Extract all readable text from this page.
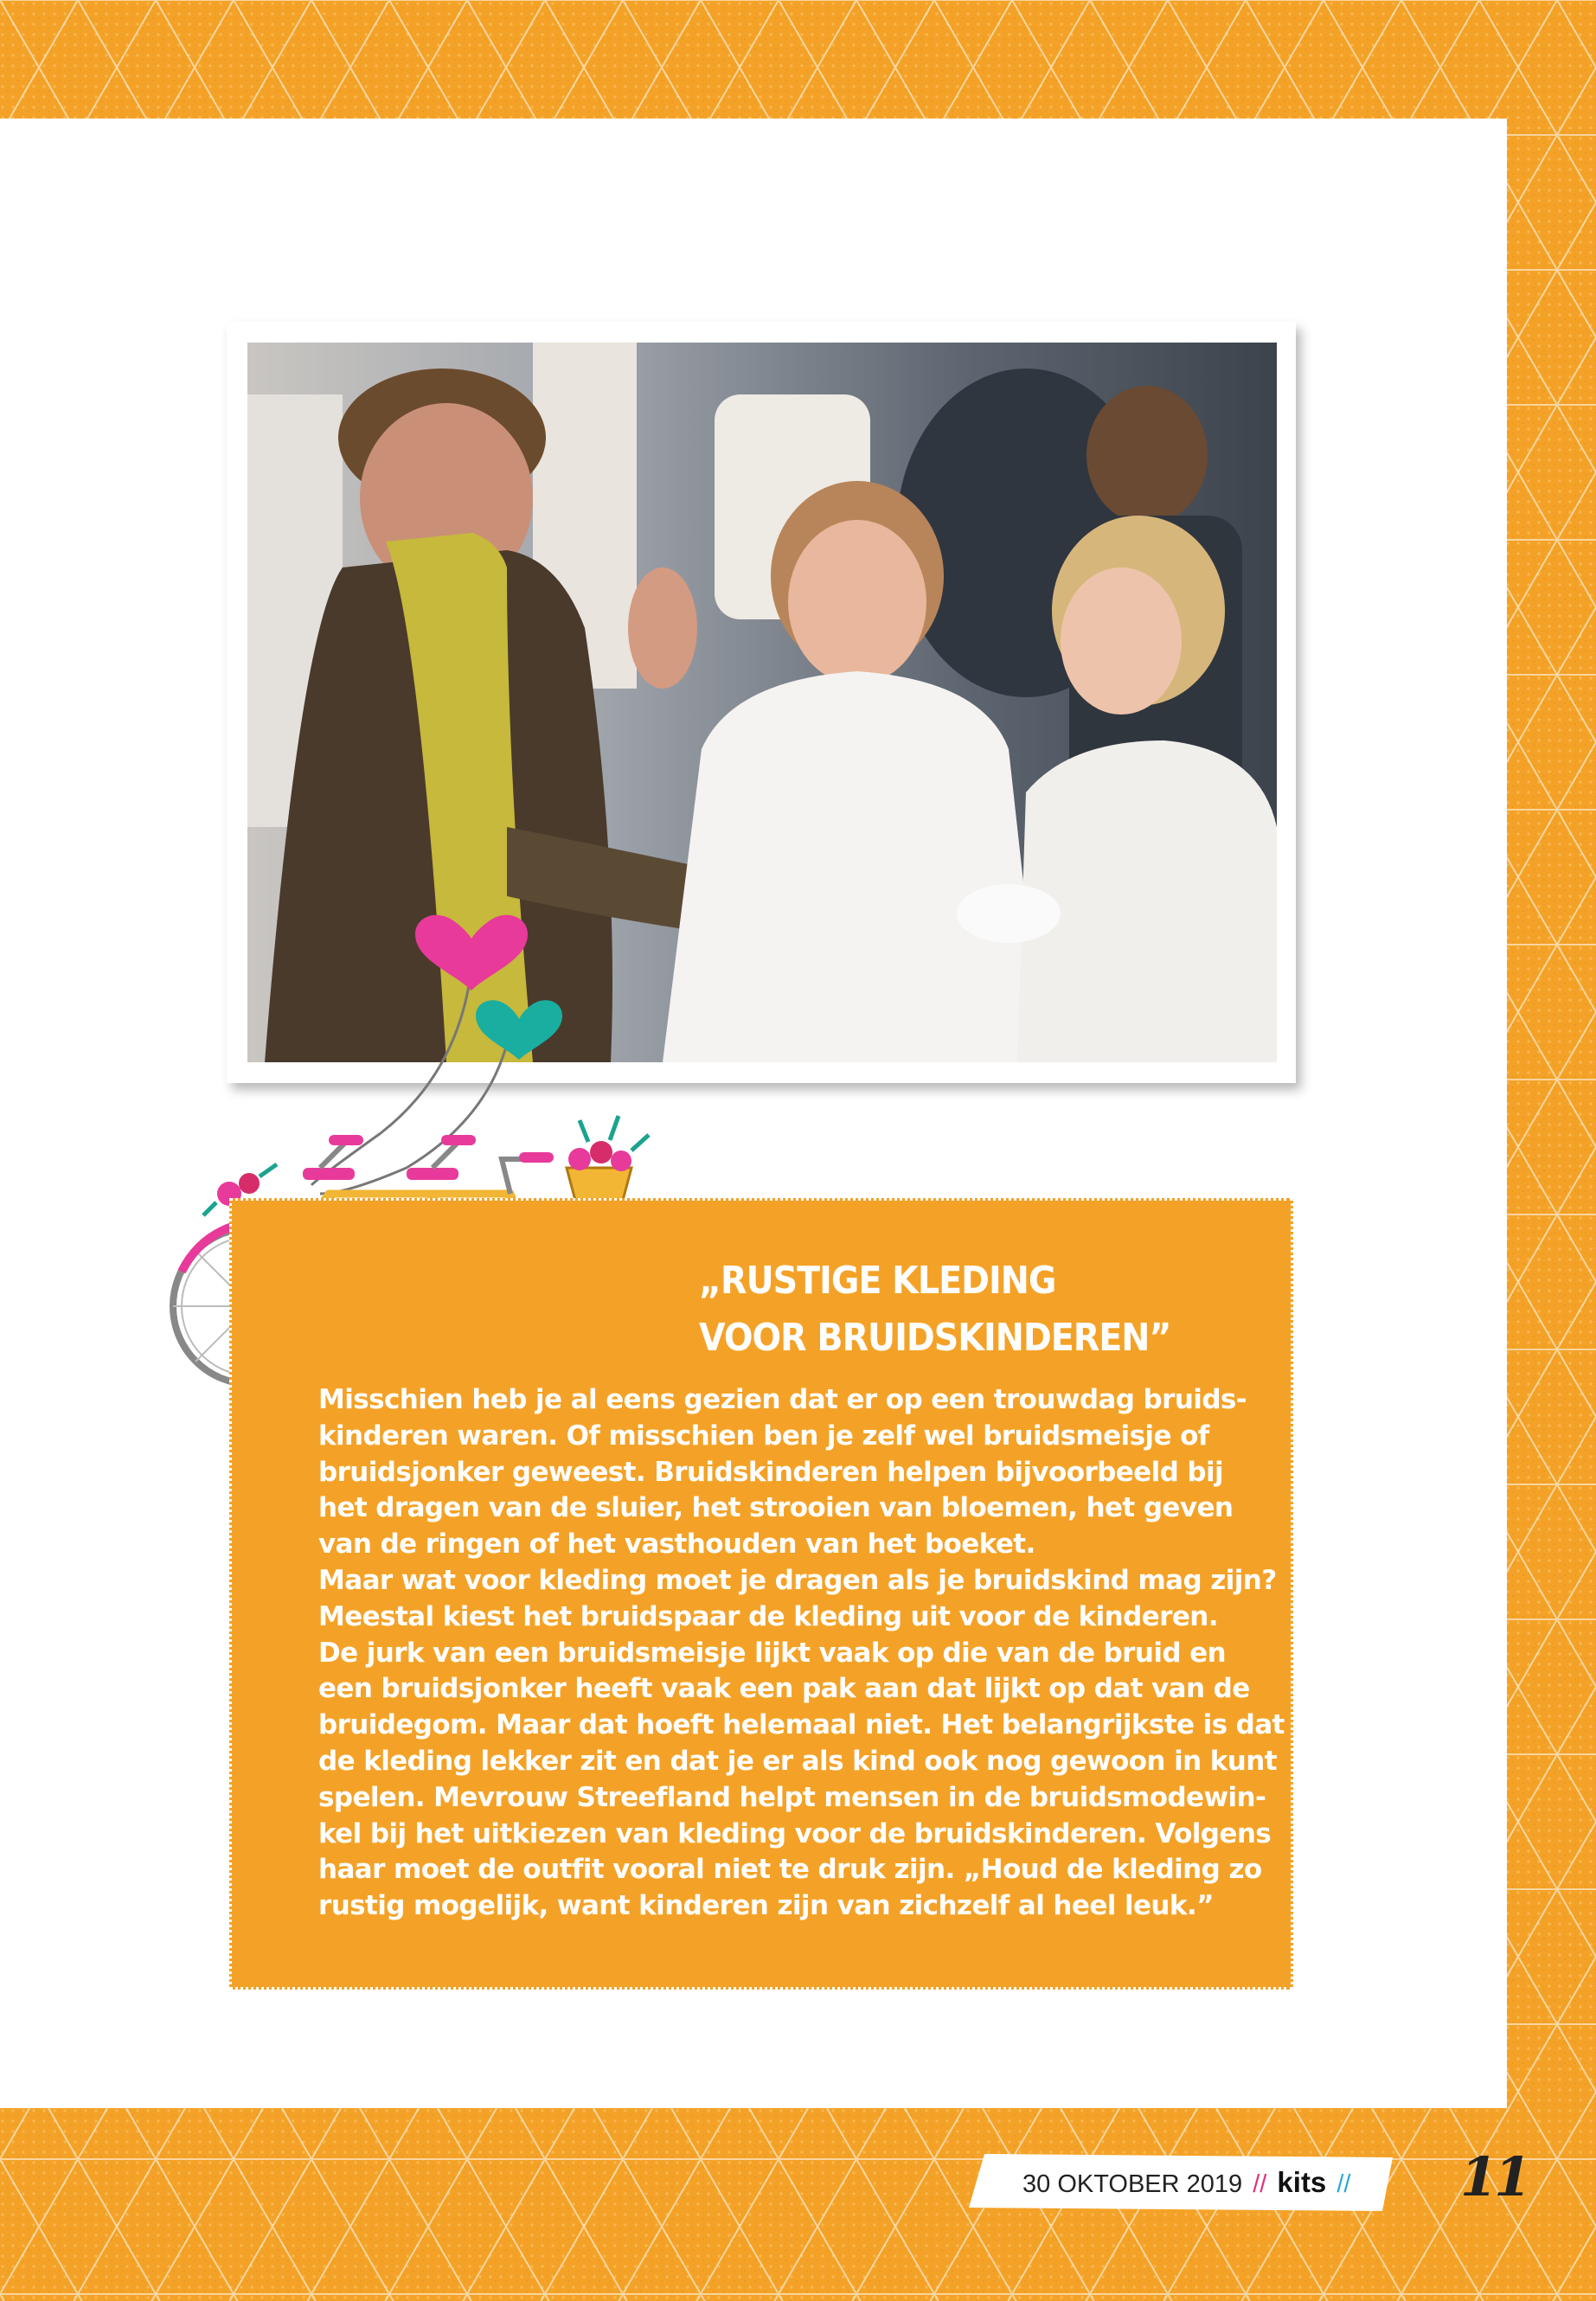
„RUSTIGE KLEDING
VOOR BRUIDSKINDEREN”
Misschien heb je al eens gezien dat er op een trouwdag bruids-
kinderen waren. Of misschien ben je zelf wel bruidsmeisje of
bruidsjonker geweest. Bruidskinderen helpen bijvoorbeeld bij
het dragen van de sluier, het strooien van bloemen, het geven
van de ringen of het vasthouden van het boeket.
Maar wat voor kleding moet je dragen als je bruidskind mag zijn?
Meestal kiest het bruidspaar de kleding uit voor de kinderen.
De jurk van een bruidsmeisje lijkt vaak op die van de bruid en
een bruidsjonker heeft vaak een pak aan dat lijkt op dat van de
bruidegom. Maar dat hoeft helemaal niet. Het belangrijkste is dat
de kleding lekker zit en dat je er als kind ook nog gewoon in kunt
spelen. Mevrouw Streefland helpt mensen in de bruidsmodewin-
kel bij het uitkiezen van kleding voor de bruidskinderen. Volgens
haar moet de outfit vooral niet te druk zijn. „Houd de kleding zo
rustig mogelijk, want kinderen zijn van zichzelf al heel leuk.”
30 OKTOBER 2019 // kits // 11
